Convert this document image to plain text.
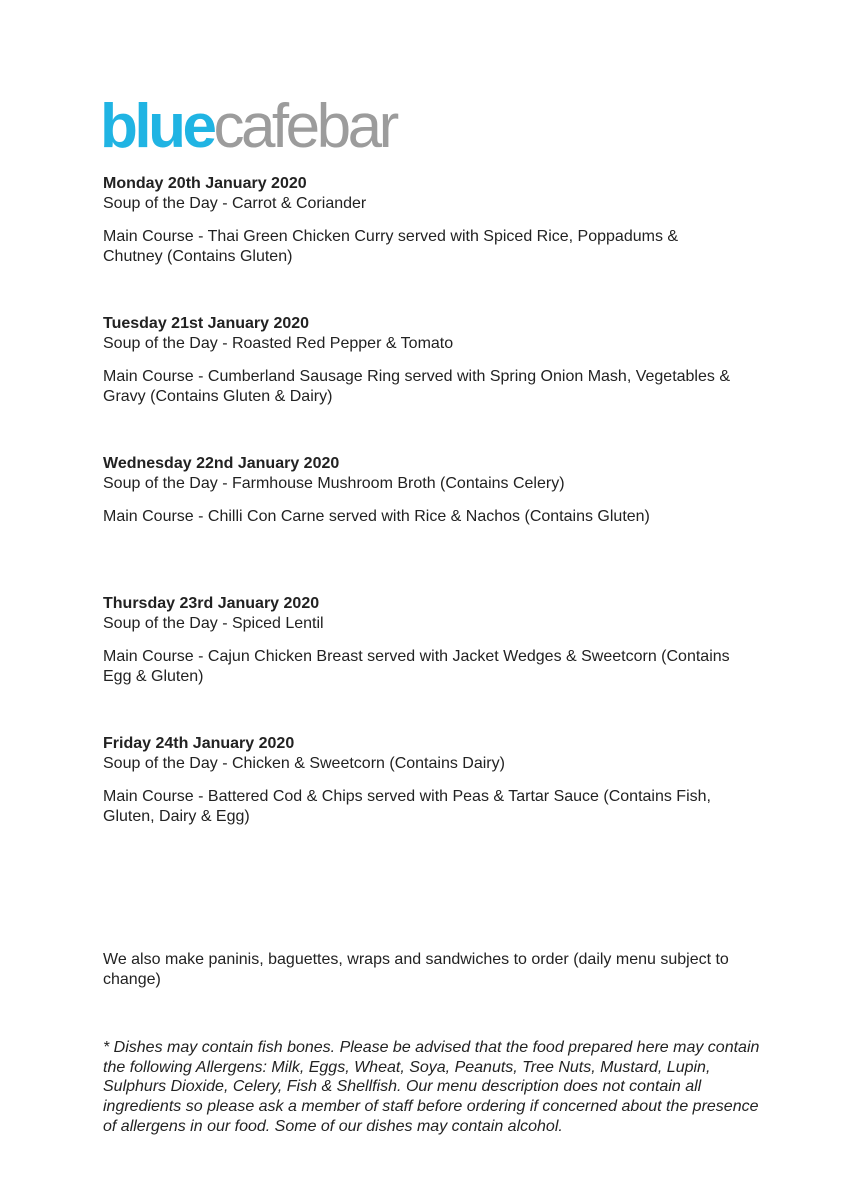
bluecafebar
Monday 20th January 2020
Soup of the Day - Carrot & Coriander
Main Course - Thai Green Chicken Curry served with Spiced Rice, Poppadums & Chutney (Contains Gluten)
Tuesday 21st January 2020
Soup of the Day - Roasted Red Pepper & Tomato
Main Course - Cumberland Sausage Ring served with Spring Onion Mash, Vegetables & Gravy (Contains Gluten & Dairy)
Wednesday 22nd January 2020
Soup of the Day - Farmhouse Mushroom Broth (Contains Celery)
Main Course - Chilli Con Carne served with Rice & Nachos (Contains Gluten)
Thursday 23rd January 2020
Soup of the Day - Spiced Lentil
Main Course - Cajun Chicken Breast served with Jacket Wedges & Sweetcorn (Contains Egg & Gluten)
Friday 24th January 2020
Soup of the Day - Chicken & Sweetcorn (Contains Dairy)
Main Course - Battered Cod & Chips served with Peas & Tartar Sauce (Contains Fish, Gluten, Dairy & Egg)
We also make paninis, baguettes, wraps and sandwiches to order (daily menu subject to change)
* Dishes may contain fish bones. Please be advised that the food prepared here may contain the following Allergens: Milk, Eggs, Wheat, Soya, Peanuts, Tree Nuts, Mustard, Lupin, Sulphurs Dioxide, Celery, Fish & Shellfish. Our menu description does not contain all ingredients so please ask a member of staff before ordering if concerned about the presence of allergens in our food. Some of our dishes may contain alcohol.
